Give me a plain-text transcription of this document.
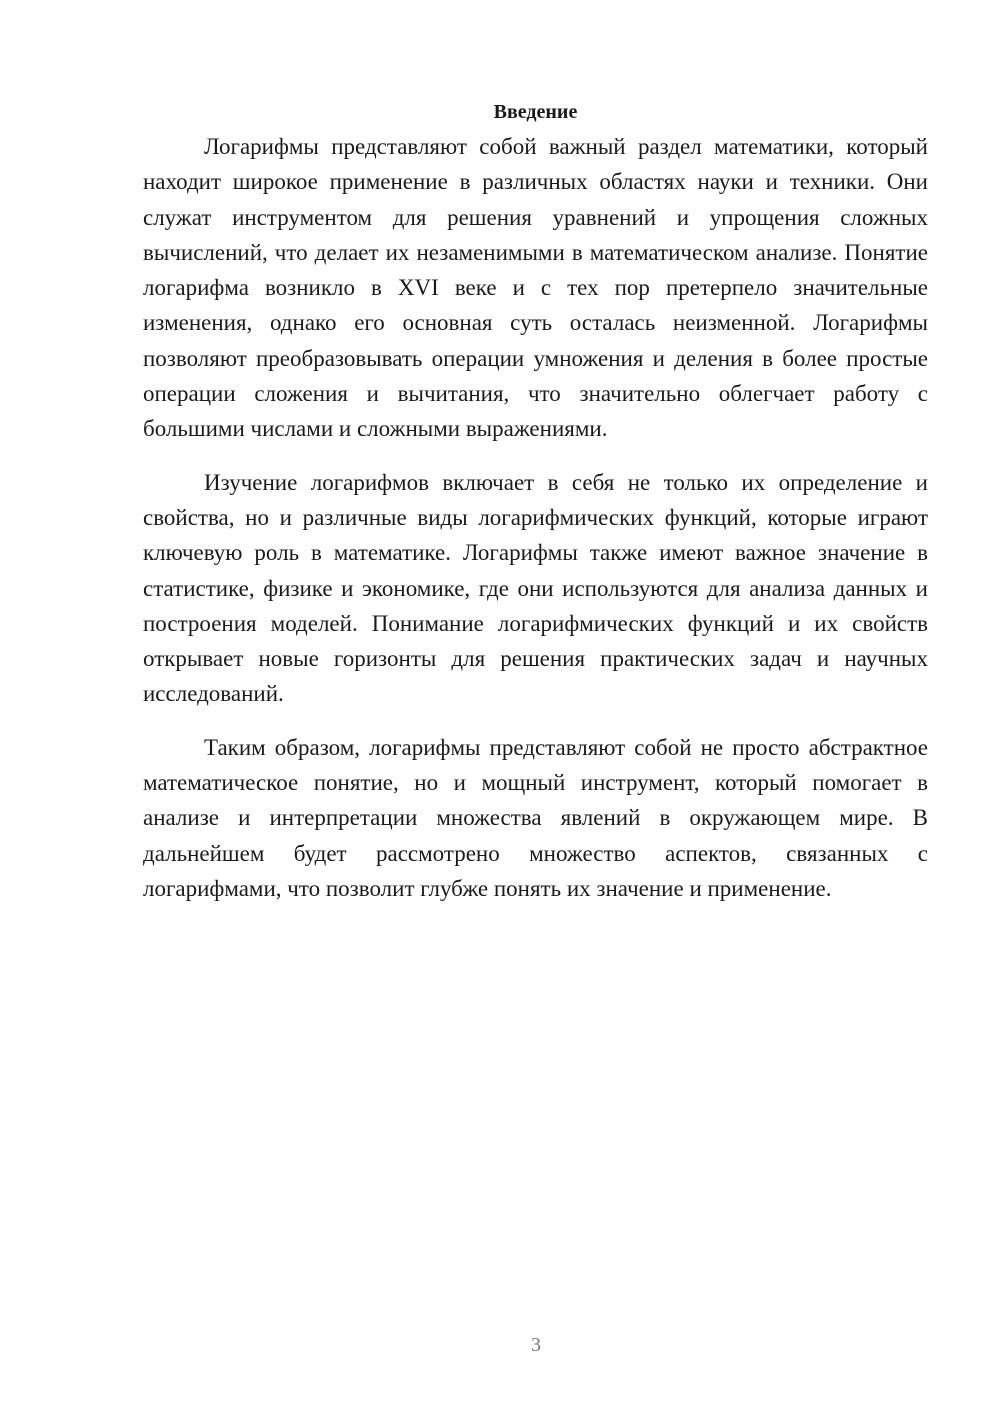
Введение

Логарифмы представляют собой важный раздел математики, который находит широкое применение в различных областях науки и техники. Они служат инструментом для решения уравнений и упрощения сложных вычислений, что делает их незаменимыми в математическом анализе. Понятие логарифма возникло в XVI веке и с тех пор претерпело значительные изменения, однако его основная суть осталась неизменной. Логарифмы позволяют преобразовывать операции умножения и деления в более простые операции сложения и вычитания, что значительно облегчает работу с большими числами и сложными выражениями.

Изучение логарифмов включает в себя не только их определение и свойства, но и различные виды логарифмических функций, которые играют ключевую роль в математике. Логарифмы также имеют важное значение в статистике, физике и экономике, где они используются для анализа данных и построения моделей. Понимание логарифмических функций и их свойств открывает новые горизонты для решения практических задач и научных исследований.

Таким образом, логарифмы представляют собой не просто абстрактное математическое понятие, но и мощный инструмент, который помогает в анализе и интерпретации множества явлений в окружающем мире. В дальнейшем будет рассмотрено множество аспектов, связанных с логарифмами, что позволит глубже понять их значение и применение.

3
